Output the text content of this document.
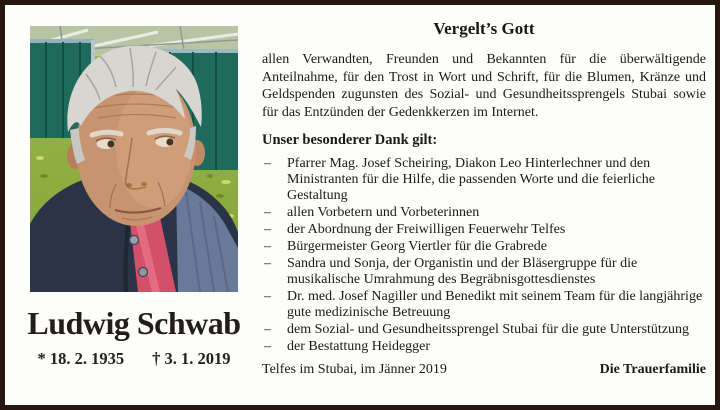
Ludwig Schwab
* 18. 2. 1935 † 3. 1. 2019
Vergelt’s Gott

allen Verwandten, Freunden und Bekannten für die überwältigende Anteilnahme, für den Trost in Wort und Schrift, für die Blumen, Kränze und Geldspenden zugunsten des Sozial- und Gesundheitssprengels Stubai sowie für das Entzünden der Gedenkkerzen im Internet.

Unser besonderer Dank gilt:
– Pfarrer Mag. Josef Scheiring, Diakon Leo Hinterlechner und den Ministranten für die Hilfe, die passenden Worte und die feierliche Gestaltung
– allen Vorbetern und Vorbeterinnen
– der Abordnung der Freiwilligen Feuerwehr Telfes
– Bürgermeister Georg Viertler für die Grabrede
– Sandra und Sonja, der Organistin und der Bläsergruppe für die musikalische Umrahmung des Begräbnisgottesdienstes
– Dr. med. Josef Nagiller und Benedikt mit seinem Team für die langjährige gute medizinische Betreuung
– dem Sozial- und Gesundheitssprengel Stubai für die gute Unterstützung
– der Bestattung Heidegger
Telfes im Stubai, im Jänner 2019	Die Trauerfamilie
